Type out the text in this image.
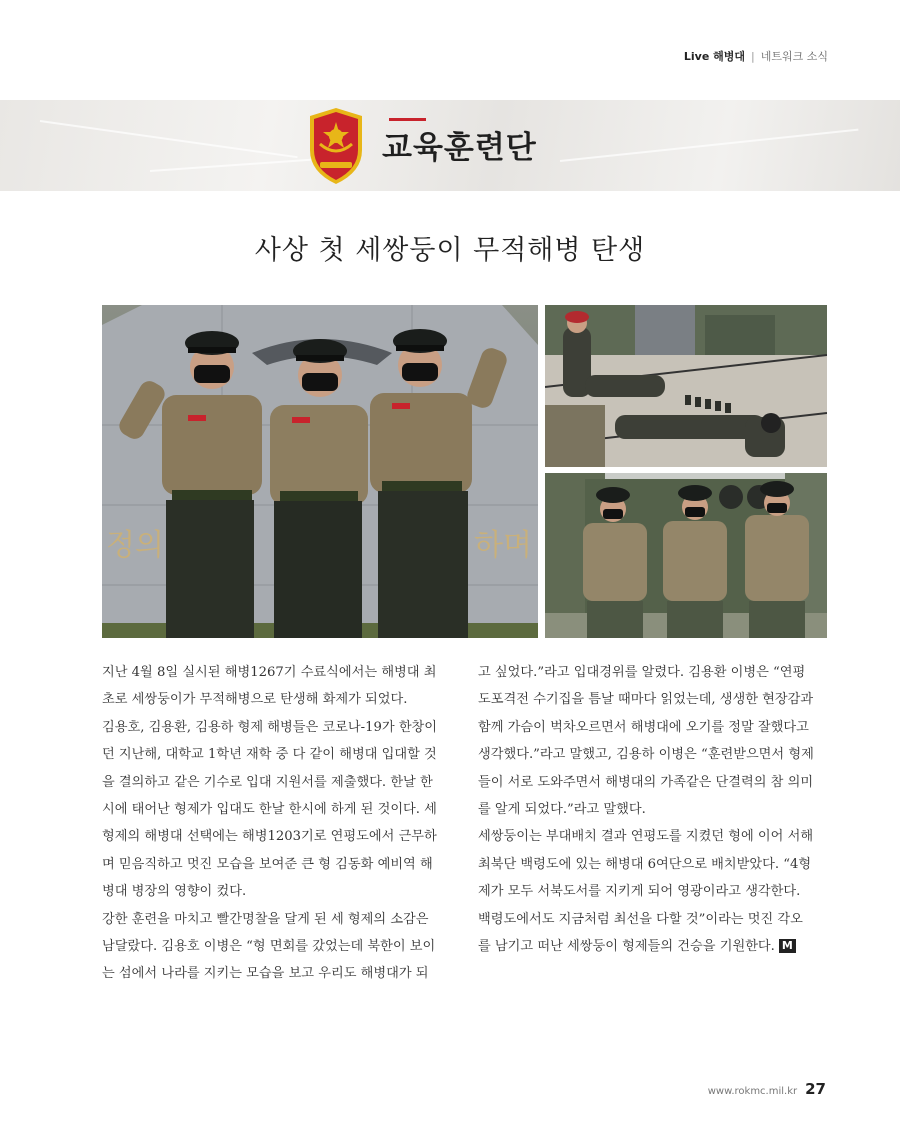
Live 해병대 | 네트워크 소식
교육훈련단
사상 첫 세쌍둥이 무적해병 탄생
정의	하며

지난 4월 8일 실시된 해병1267기 수료식에서는 해병대 최
초로 세쌍둥이가 무적해병으로 탄생해 화제가 되었다.
김용호, 김용환, 김용하 형제 해병들은 코로나-19가 한창이
던 지난해, 대학교 1학년 재학 중 다 같이 해병대 입대할 것
을 결의하고 같은 기수로 입대 지원서를 제출했다. 한날 한
시에 태어난 형제가 입대도 한날 한시에 하게 된 것이다. 세
형제의 해병대 선택에는 해병1203기로 연평도에서 근무하
며 믿음직하고 멋진 모습을 보여준 큰 형 김동화 예비역 해
병대 병장의 영향이 컸다.
강한 훈련을 마치고 빨간명찰을 달게 된 세 형제의 소감은
남달랐다. 김용호 이병은 “형 면회를 갔었는데 북한이 보이
는 섬에서 나라를 지키는 모습을 보고 우리도 해병대가 되

고 싶었다.”라고 입대경위를 알렸다. 김용환 이병은 “연평
도포격전 수기집을 틈날 때마다 읽었는데, 생생한 현장감과
함께 가슴이 벅차오르면서 해병대에 오기를 정말 잘했다고
생각했다.”라고 말했고, 김용하 이병은 “훈련받으면서 형제
들이 서로 도와주면서 해병대의 가족같은 단결력의 참 의미
를 알게 되었다.”라고 말했다.
세쌍둥이는 부대배치 결과 연평도를 지켰던 형에 이어 서해
최북단 백령도에 있는 해병대 6여단으로 배치받았다. “4형
제가 모두 서북도서를 지키게 되어 영광이라고 생각한다.
백령도에서도 지금처럼 최선을 다할 것”이라는 멋진 각오
를 남기고 떠난 세쌍둥이 형제들의 건승을 기원한다. M

www.rokmc.mil.kr 27
